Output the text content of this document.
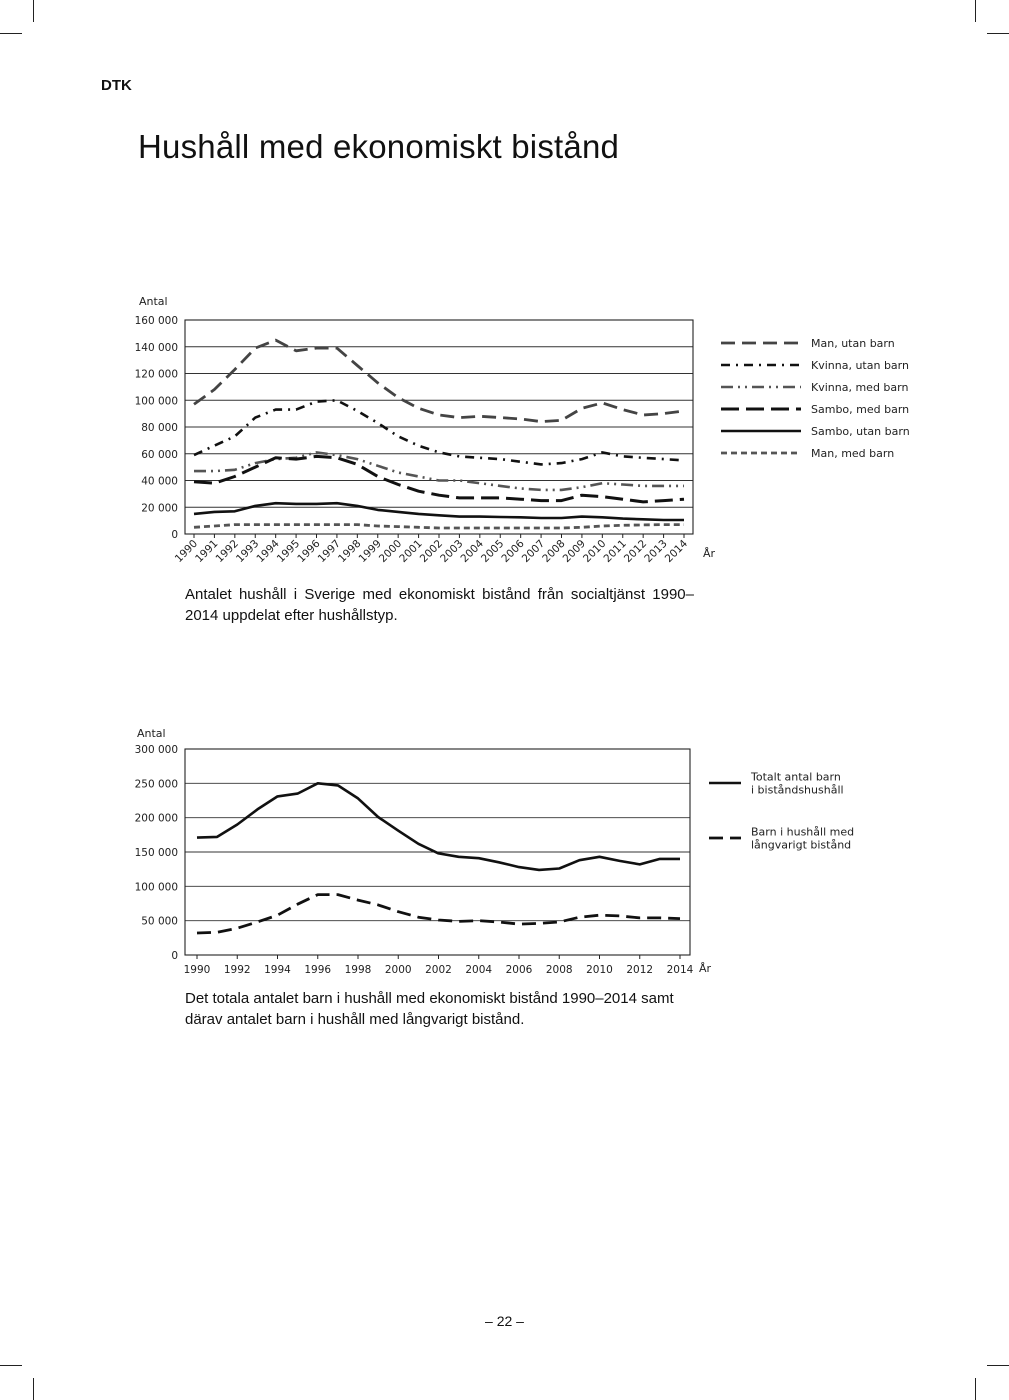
DTK
Hushåll med ekonomiskt bistånd
0
20 000
40 000
60 000
80 000
100 000
120 000
140 000
160 000
Antal
1990
1991
1992
1993
1994
1995
1996
1997
1998
1999
2000
2001
2002
2003
2004
2005
2006
2007
2008
2009
2010
2011
2012
2013
2014 År
Man, utan barn
Kvinna, utan barn
Kvinna, med barn
Sambo, med barn
Sambo, utan barn
Man, med barn
Antalet hushåll i Sverige med ekonomiskt bistånd från socialtjänst 1990–2014 uppdelat efter hushållstyp.
0
50 000
100 000
150 000
200 000
250 000
300 000
Antal
1990 1992 1994 1996 1998 2000 2002 2004 2006 2008 2010 2012 2014 År
Totalt antal barn
i biståndshushåll
Barn i hushåll med
långvarigt bistånd
Det totala antalet barn i hushåll med ekonomiskt bistånd 1990–2014 samt därav antalet barn i hushåll med långvarigt bistånd.
– 22 –
